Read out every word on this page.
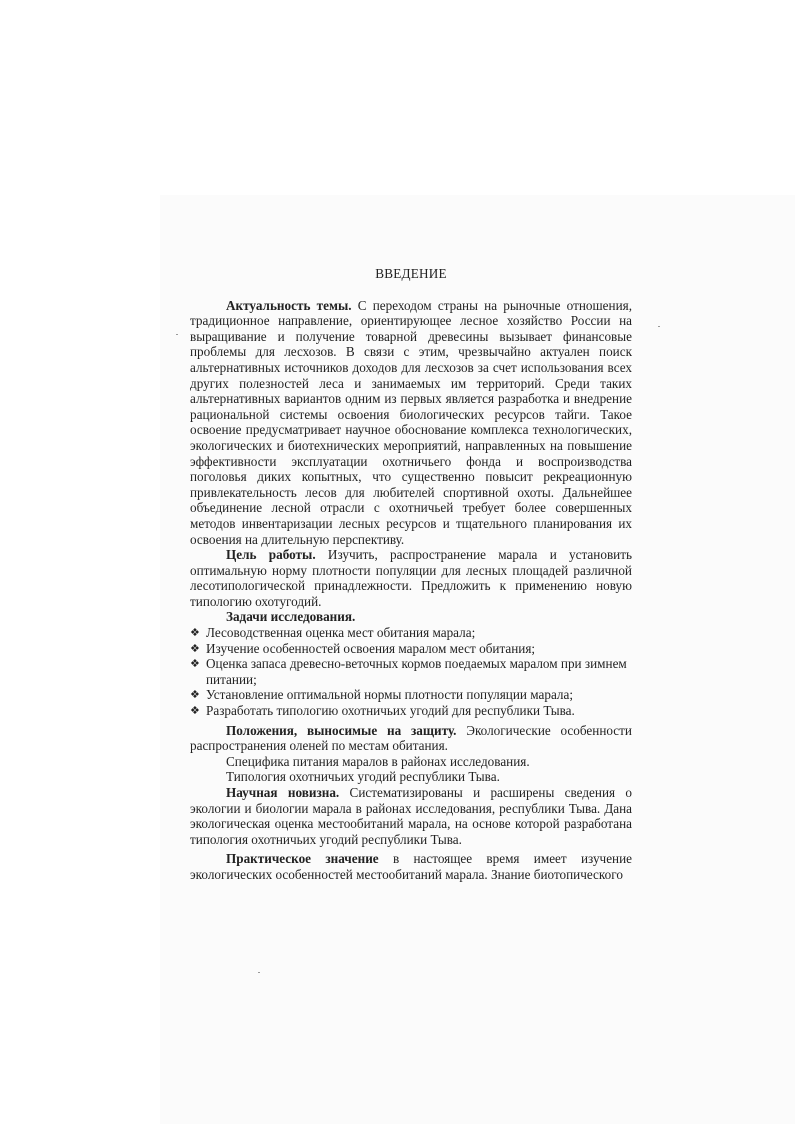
ВВЕДЕНИЕ

Актуальность темы. С переходом страны на рыночные отношения, традиционное направление, ориентирующее лесное хозяйство России на выращивание и получение товарной древесины вызывает финансовые проблемы для лесхозов. В связи с этим, чрезвычайно актуален поиск альтернативных источников доходов для лесхозов за счет использования всех других полезностей леса и занимаемых им территорий. Среди таких альтернативных вариантов одним из первых является разработка и внедрение рациональной системы освоения биологических ресурсов тайги. Такое освоение предусматривает научное обоснование комплекса технологических, экологических и биотехнических мероприятий, направленных на повышение эффективности эксплуатации охотничьего фонда и воспроизводства поголовья диких копытных, что существенно повысит рекреационную привлекательность лесов для любителей спортивной охоты. Дальнейшее объединение лесной отрасли с охотничьей требует более совершенных методов инвентаризации лесных ресурсов и тщательного планирования их освоения на длительную перспективу.

Цель работы. Изучить, распространение марала и установить оптимальную норму плотности популяции для лесных площадей различной лесотипологической принадлежности. Предложить к применению новую типологию охотугодий.

Задачи исследования.

❖ Лесоводственная оценка мест обитания марала;
❖ Изучение особенностей освоения маралом мест обитания;
❖ Оценка запаса древесно-веточных кормов поедаемых маралом при зимнем питании;
❖ Установление оптимальной нормы плотности популяции марала;
❖ Разработать типологию охотничьих угодий для республики Тыва.

Положения, выносимые на защиту. Экологические особенности распространения оленей по местам обитания.

Специфика питания маралов в районах исследования.

Типология охотничьих угодий республики Тыва.

Научная новизна. Систематизированы и расширены сведения о экологии и биологии марала в районах исследования, республики Тыва. Дана экологическая оценка местообитаний марала, на основе которой разработана типология охотничьих угодий республики Тыва.

Практическое значение в настоящее время имеет изучение экологических особенностей местообитаний марала. Знание биотопического
